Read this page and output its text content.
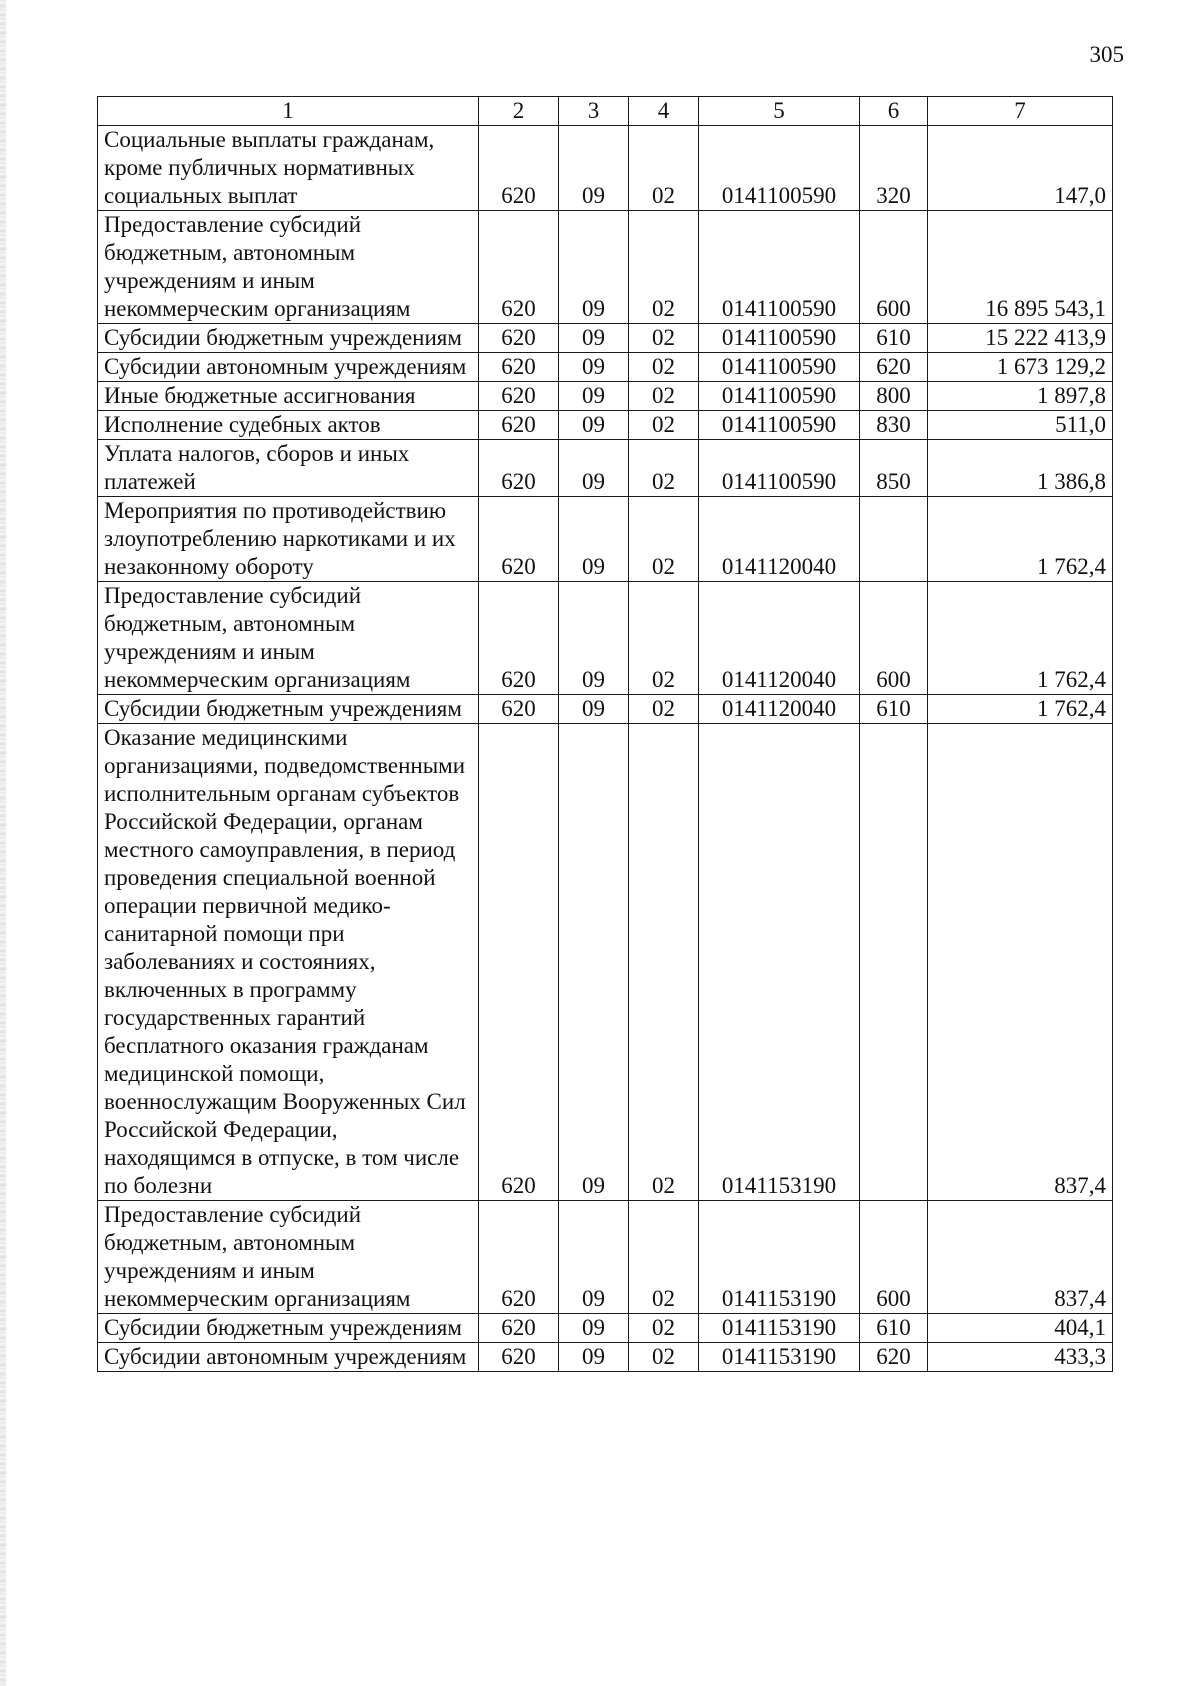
305
1	2	3	4	5	6	7
Социальные выплаты гражданам, кроме публичных нормативных социальных выплат	620	09	02	0141100590	320	147,0
Предоставление субсидий бюджетным, автономным учреждениям и иным некоммерческим организациям	620	09	02	0141100590	600	16 895 543,1
Субсидии бюджетным учреждениям	620	09	02	0141100590	610	15 222 413,9
Субсидии автономным учреждениям	620	09	02	0141100590	620	1 673 129,2
Иные бюджетные ассигнования	620	09	02	0141100590	800	1 897,8
Исполнение судебных актов	620	09	02	0141100590	830	511,0
Уплата налогов, сборов и иных платежей	620	09	02	0141100590	850	1 386,8
Мероприятия по противодействию злоупотреблению наркотиками и их незаконному обороту	620	09	02	0141120040		1 762,4
Предоставление субсидий бюджетным, автономным учреждениям и иным некоммерческим организациям	620	09	02	0141120040	600	1 762,4
Субсидии бюджетным учреждениям	620	09	02	0141120040	610	1 762,4
Оказание медицинскими организациями, подведомственными исполнительным органам субъектов Российской Федерации, органам местного самоуправления, в период проведения специальной военной операции первичной медико-санитарной помощи при заболеваниях и состояниях, включенных в программу государственных гарантий бесплатного оказания гражданам медицинской помощи, военнослужащим Вооруженных Сил Российской Федерации, находящимся в отпуске, в том числе по болезни	620	09	02	0141153190		837,4
Предоставление субсидий бюджетным, автономным учреждениям и иным некоммерческим организациям	620	09	02	0141153190	600	837,4
Субсидии бюджетным учреждениям	620	09	02	0141153190	610	404,1
Субсидии автономным учреждениям	620	09	02	0141153190	620	433,3
